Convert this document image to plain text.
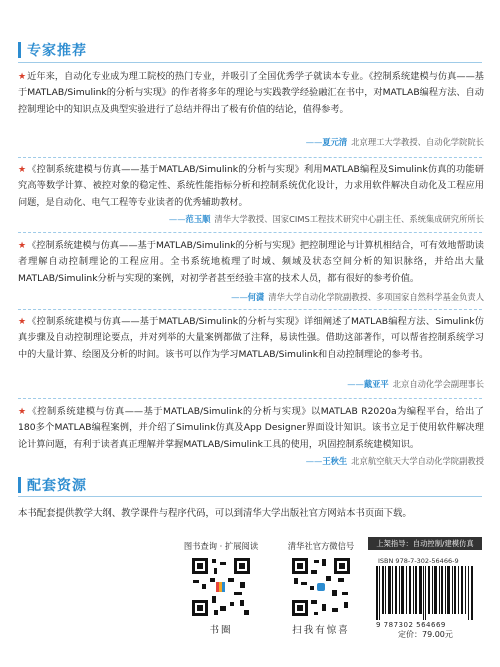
专家推荐
★近年来，自动化专业成为理工院校的热门专业，并吸引了全国优秀学子就读本专业。《控制系统建模与仿真——基于MATLAB/Simulink的分析与实现》的作者将多年的理论与实践教学经验融汇在书中，对MATLAB编程方法、自动控制理论中的知识点及典型实验进行了总结并得出了极有价值的结论，值得参考。
——夏元清 北京理工大学教授、自动化学院院长
★《控制系统建模与仿真——基于MATLAB/Simulink的分析与实现》利用MATLAB编程及Simulink仿真的功能研究高等数学计算、被控对象的稳定性、系统性能指标分析和控制系统优化设计，力求用软件解决自动化及工程应用问题，是自动化、电气工程等专业读者的优秀辅助教材。
——范玉顺 清华大学教授、国家CIMS工程技术研究中心副主任、系统集成研究所所长
★《控制系统建模与仿真——基于MATLAB/Simulink的分析与实现》把控制理论与计算机相结合，可有效地帮助读者理解自动控制理论的工程应用。全书系统地梳理了时域、频域及状态空间分析的知识脉络，并给出大量MATLAB/Simulink分析与实现的案例，对初学者甚至经验丰富的技术人员，都有很好的参考价值。
——何潇 清华大学自动化学院副教授、多项国家自然科学基金负责人
★《控制系统建模与仿真——基于MATLAB/Simulink的分析与实现》详细阐述了MATLAB编程方法、Simulink仿真步骤及自动控制理论要点，并对列举的大量案例都做了注释，易读性强。借助这部著作，可以帮省控制系统学习中的大量计算、绘图及分析的时间。该书可以作为学习MATLAB/Simulink和自动控制理论的参考书。
——戴亚平 北京自动化学会副理事长
★《控制系统建模与仿真——基于MATLAB/Simulink的分析与实现》以MATLAB R2020a为编程平台，给出了180多个MATLAB编程案例，并介绍了Simulink仿真及App Designer界面设计知识。该书立足于使用软件解决理论计算问题，有利于读者真正理解并掌握MATLAB/Simulink工具的使用，巩固控制系统建模知识。
——王秋生 北京航空航天大学自动化学院副教授
配套资源
本书配套提供教学大纲、教学课件与程序代码，可以到清华大学出版社官方网站本书页面下载。
图书查询 · 扩展阅读
书圈
清华社官方微信号
扫我有惊喜
上架指导：自动控制/建模仿真
ISBN 978-7-302-56466-9
9 787302 564669
定价：79.00元
